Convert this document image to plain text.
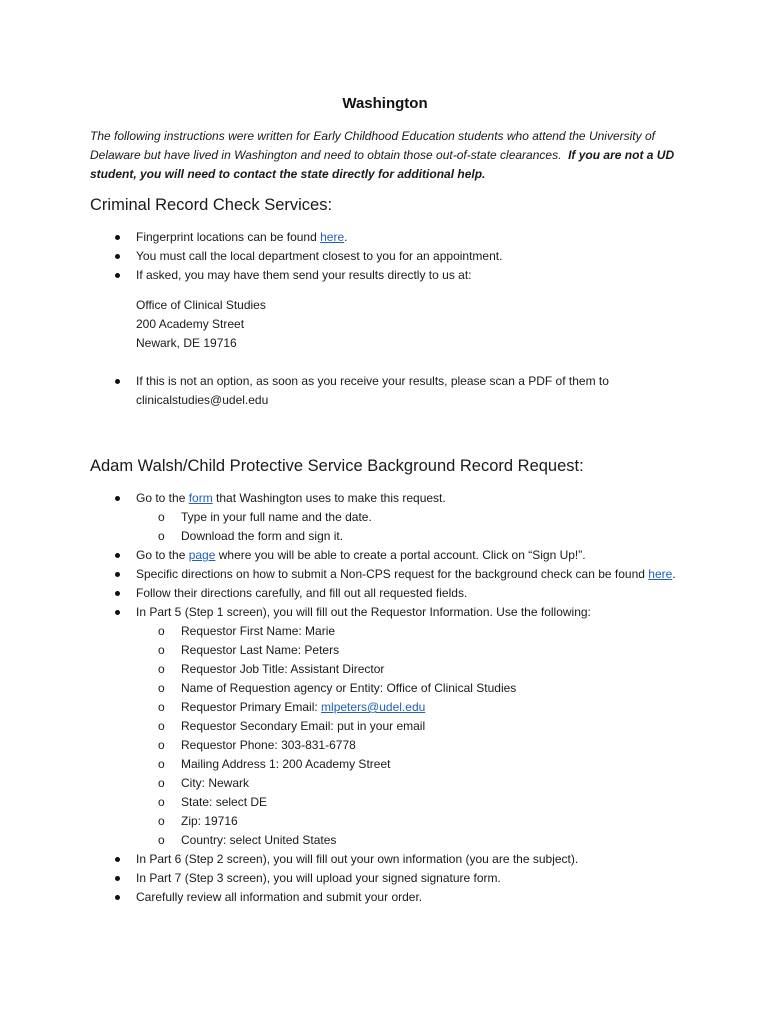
Washington
The following instructions were written for Early Childhood Education students who attend the University of Delaware but have lived in Washington and need to obtain those out-of-state clearances. If you are not a UD student, you will need to contact the state directly for additional help.
Criminal Record Check Services:
Fingerprint locations can be found here.
You must call the local department closest to you for an appointment.
If asked, you may have them send your results directly to us at:
Office of Clinical Studies
200 Academy Street
Newark, DE 19716
If this is not an option, as soon as you receive your results, please scan a PDF of them to clinicalstudies@udel.edu
Adam Walsh/Child Protective Service Background Record Request:
Go to the form that Washington uses to make this request.
o Type in your full name and the date.
o Download the form and sign it.
Go to the page where you will be able to create a portal account. Click on “Sign Up!”.
Specific directions on how to submit a Non-CPS request for the background check can be found here.
Follow their directions carefully, and fill out all requested fields.
In Part 5 (Step 1 screen), you will fill out the Requestor Information. Use the following:
o Requestor First Name: Marie
o Requestor Last Name: Peters
o Requestor Job Title: Assistant Director
o Name of Requestion agency or Entity: Office of Clinical Studies
o Requestor Primary Email: mlpeters@udel.edu
o Requestor Secondary Email: put in your email
o Requestor Phone: 303-831-6778
o Mailing Address 1: 200 Academy Street
o City: Newark
o State: select DE
o Zip: 19716
o Country: select United States
In Part 6 (Step 2 screen), you will fill out your own information (you are the subject).
In Part 7 (Step 3 screen), you will upload your signed signature form.
Carefully review all information and submit your order.
